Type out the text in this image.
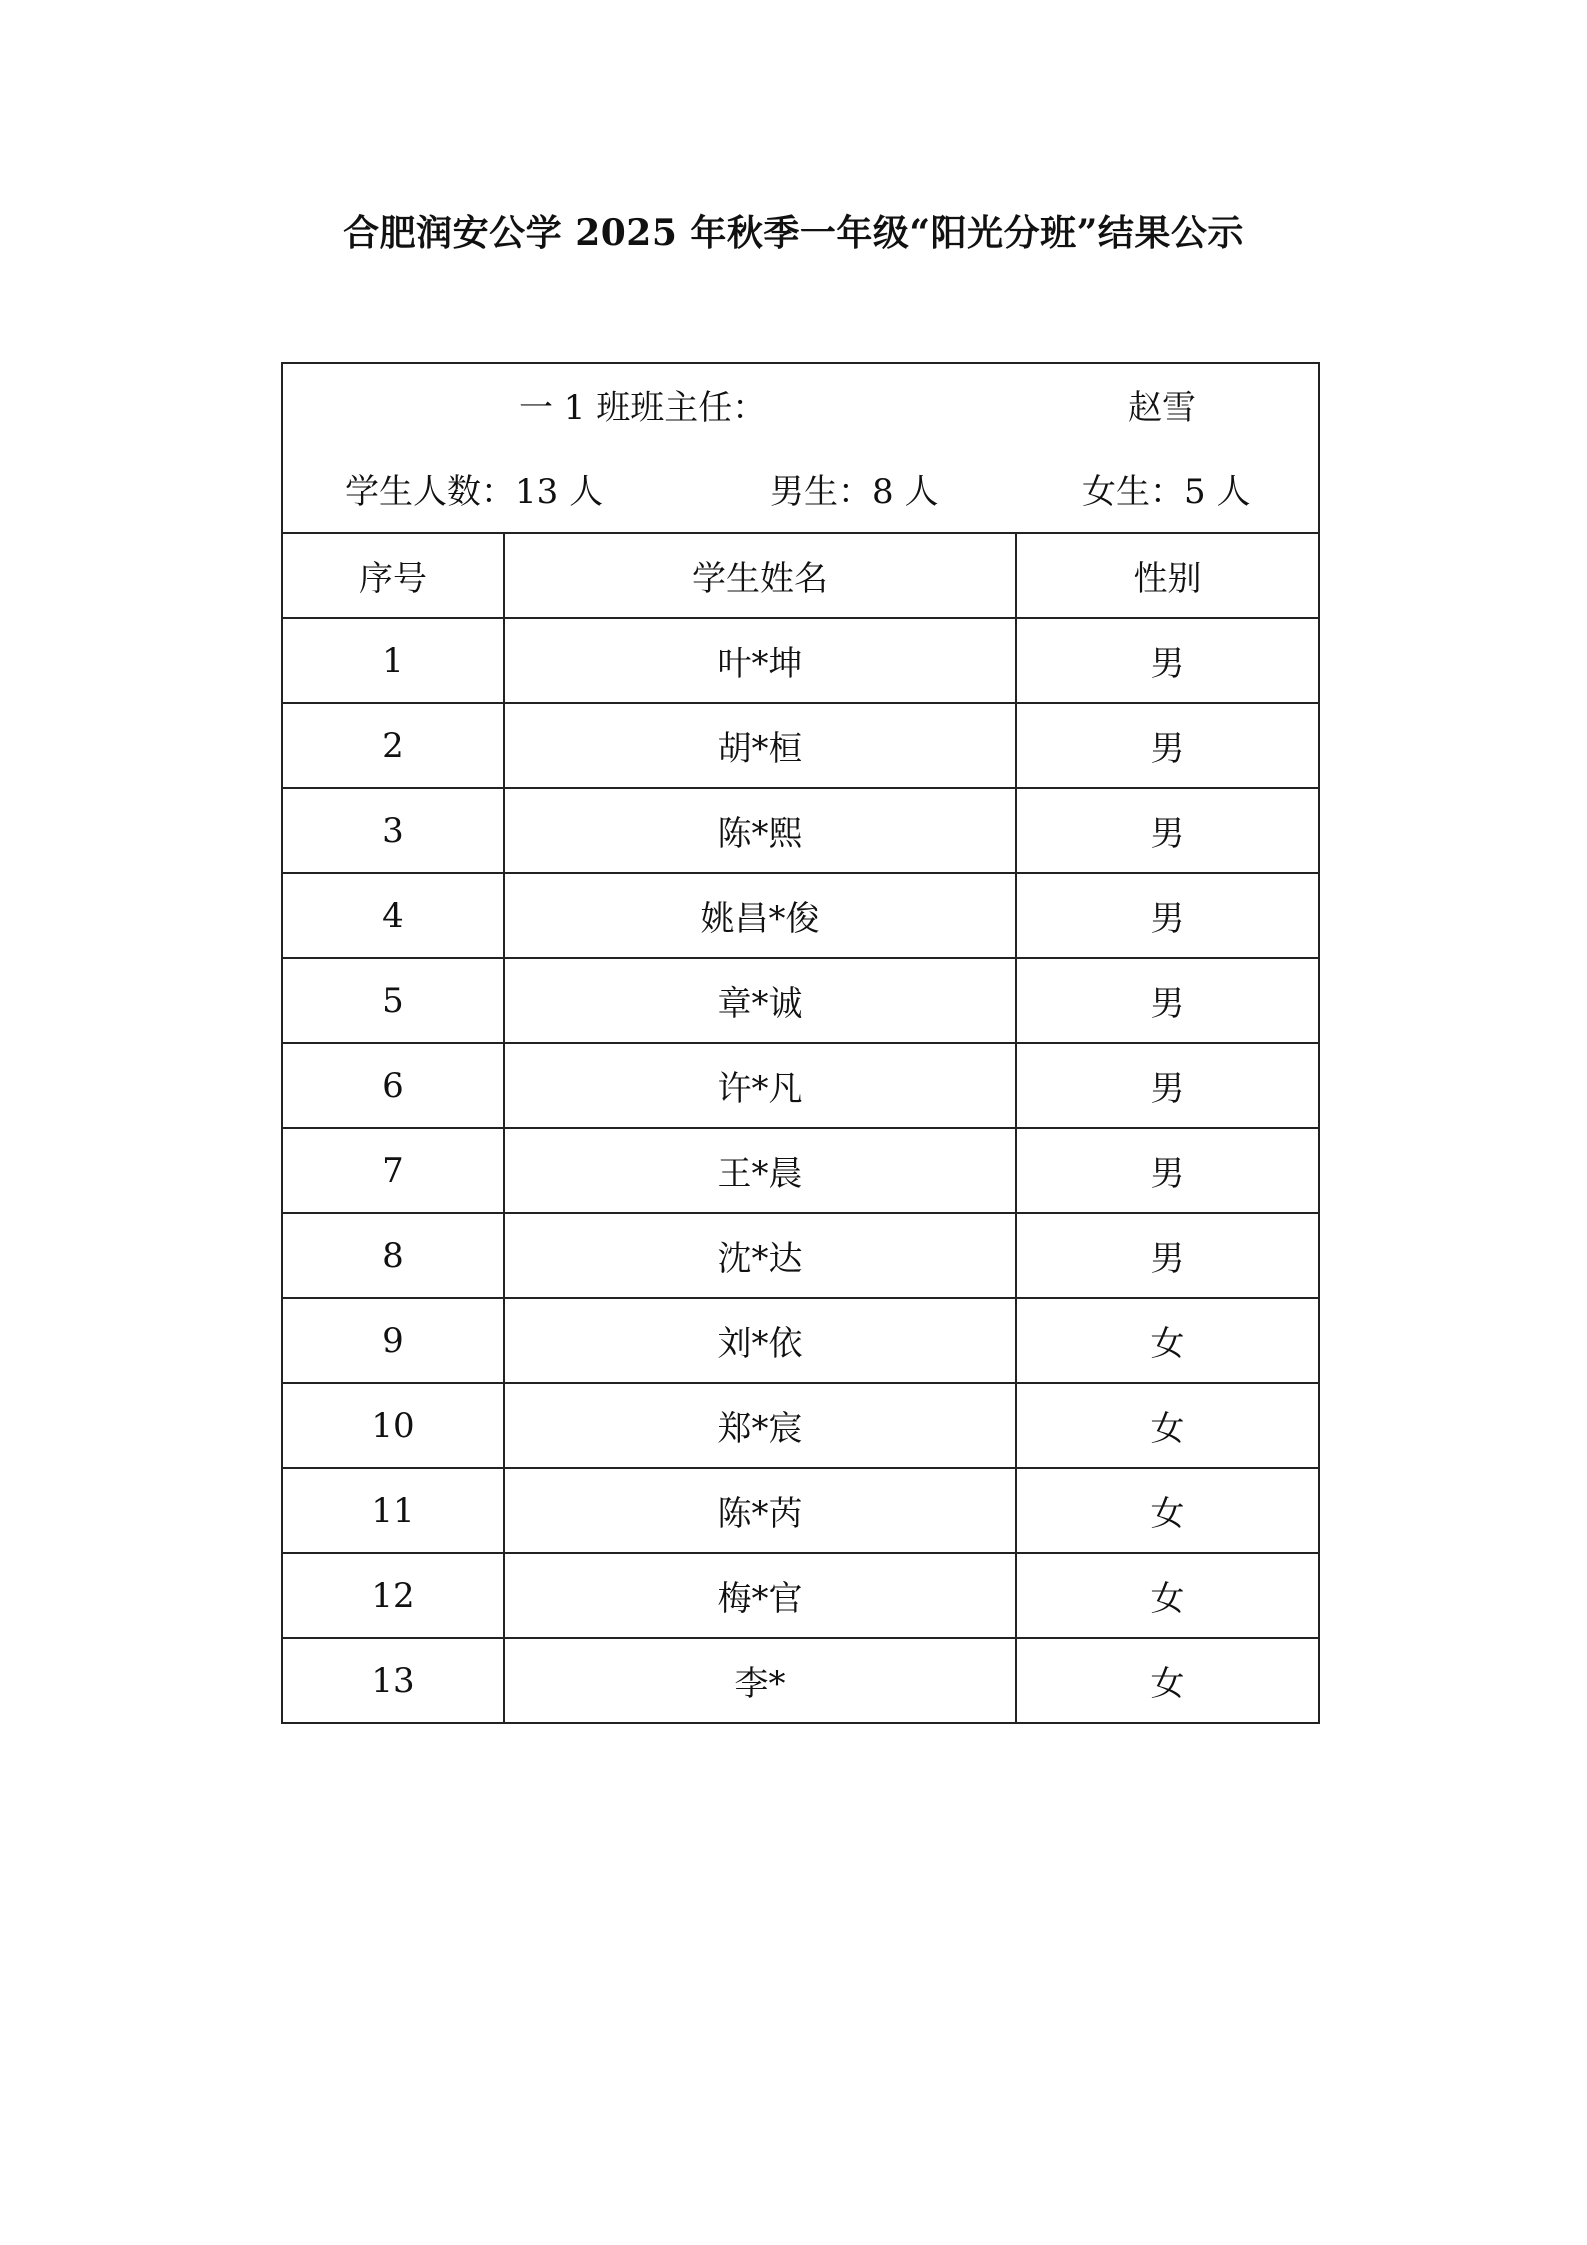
合肥润安公学 2025 年秋季一年级“阳光分班”结果公示
一 1 班班主任： 赵雪
学生人数：13 人 男生：8 人 女生：5 人		

序号	学生姓名	性别
1	叶*坤	男
2	胡*桓	男
3	陈*熙	男
4	姚昌*俊	男
5	章*诚	男
6	许*凡	男
7	王*晨	男
8	沈*达	男
9	刘*依	女
10	郑*宸	女
11	陈*芮	女
12	梅*官	女
13	李*	女
